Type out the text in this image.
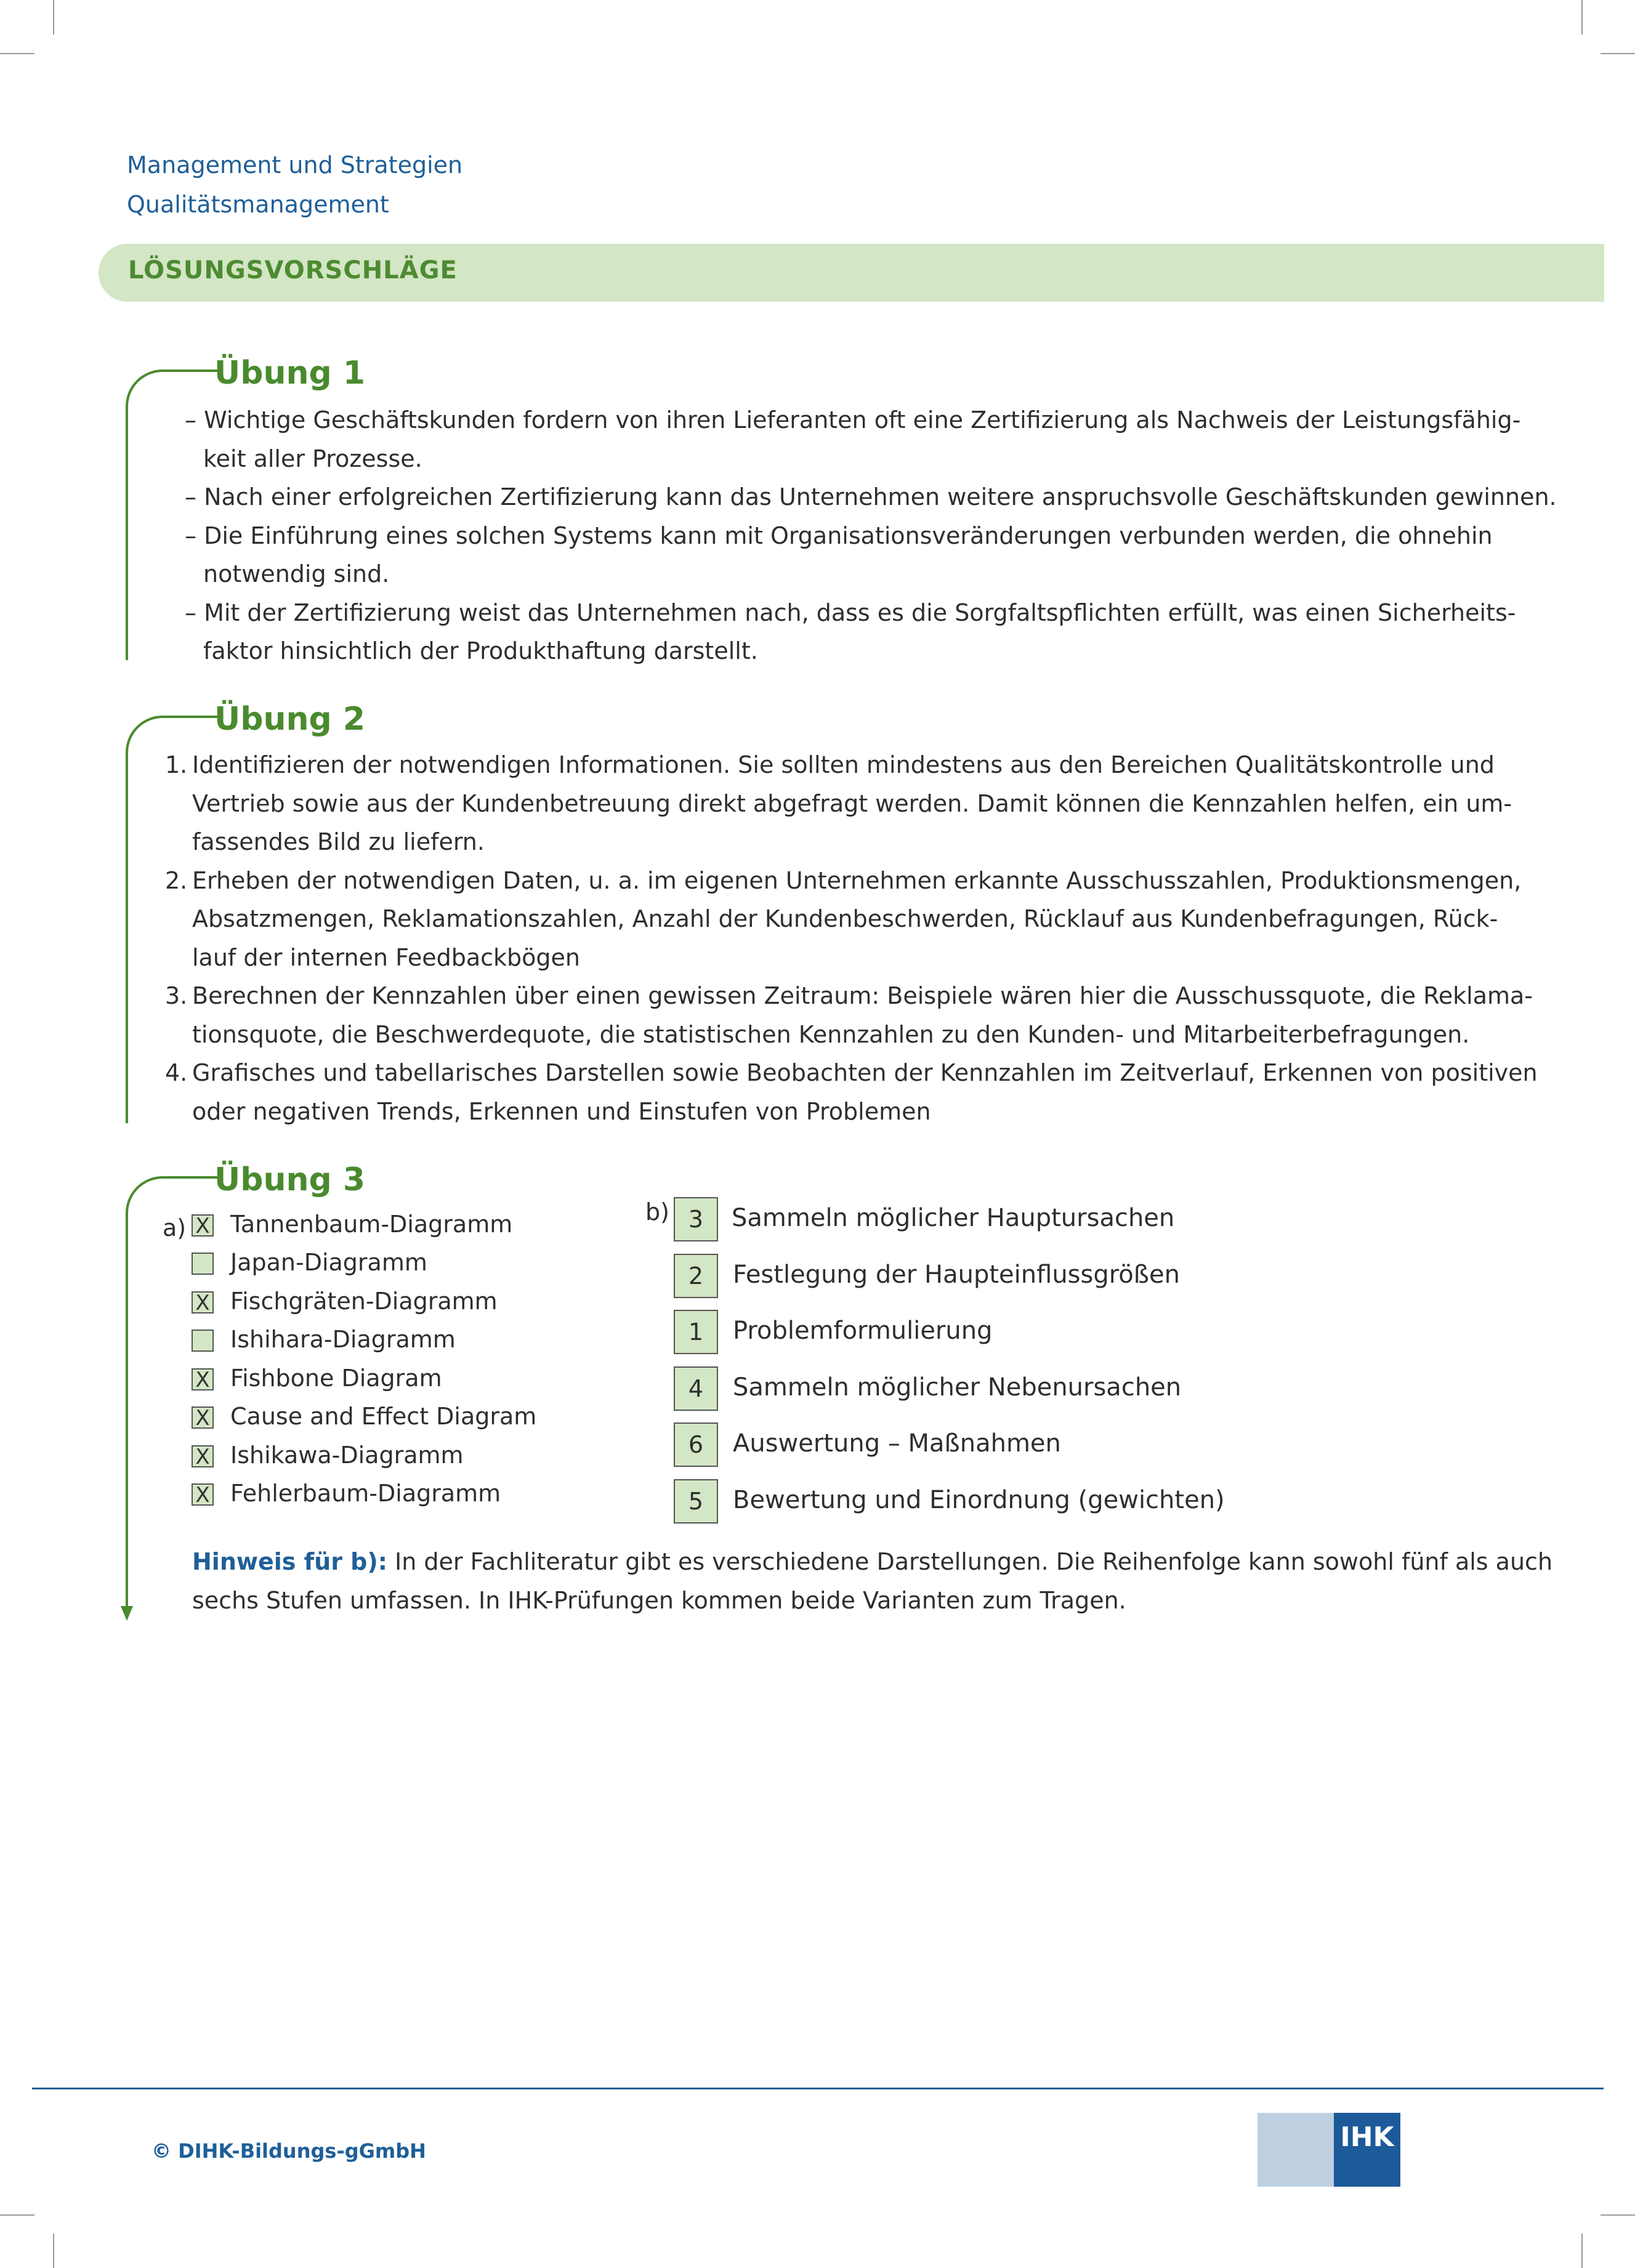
Management und Strategien
Qualitätsmanagement
LÖSUNGSVORSCHLÄGE
Übung 1
– Wichtige Geschäftskunden fordern von ihren Lieferanten oft eine Zertifizierung als Nachweis der Leistungsfähig-
keit aller Prozesse.
– Nach einer erfolgreichen Zertifizierung kann das Unternehmen weitere anspruchsvolle Geschäftskunden gewinnen.
– Die Einführung eines solchen Systems kann mit Organisationsveränderungen verbunden werden, die ohnehin
notwendig sind.
– Mit der Zertifizierung weist das Unternehmen nach, dass es die Sorgfaltspflichten erfüllt, was einen Sicherheits-
faktor hinsichtlich der Produkthaftung darstellt.
Übung 2
1. Identifizieren der notwendigen Informationen. Sie sollten mindestens aus den Bereichen Qualitätskontrolle und
Vertrieb sowie aus der Kundenbetreuung direkt abgefragt werden. Damit können die Kennzahlen helfen, ein um-
fassendes Bild zu liefern.
2. Erheben der notwendigen Daten, u. a. im eigenen Unternehmen erkannte Ausschusszahlen, Produktionsmengen,
Absatzmengen, Reklamationszahlen, Anzahl der Kundenbeschwerden, Rücklauf aus Kundenbefragungen, Rück-
lauf der internen Feedbackbögen
3. Berechnen der Kennzahlen über einen gewissen Zeitraum: Beispiele wären hier die Ausschussquote, die Reklama-
tionsquote, die Beschwerdequote, die statistischen Kennzahlen zu den Kunden- und Mitarbeiterbefragungen.
4. Grafisches und tabellarisches Darstellen sowie Beobachten der Kennzahlen im Zeitverlauf, Erkennen von positiven
oder negativen Trends, Erkennen und Einstufen von Problemen
Übung 3
a)
b)
X Tannenbaum-Diagramm
Japan-Diagramm
X Fischgräten-Diagramm
Ishihara-Diagramm
X Fishbone Diagram
X Cause and Effect Diagram
X Ishikawa-Diagramm
X Fehlerbaum-Diagramm
3	Sammeln möglicher Hauptursachen
2	Festlegung der Haupteinflussgrößen
1	Problemformulierung
4	Sammeln möglicher Nebenursachen
6	Auswertung – Maßnahmen
5	Bewertung und Einordnung (gewichten)
Hinweis für b): In der Fachliteratur gibt es verschiedene Darstellungen. Die Reihenfolge kann sowohl fünf als auch
sechs Stufen umfassen. In IHK-Prüfungen kommen beide Varianten zum Tragen.
© DIHK-Bildungs-gGmbH	IHK
